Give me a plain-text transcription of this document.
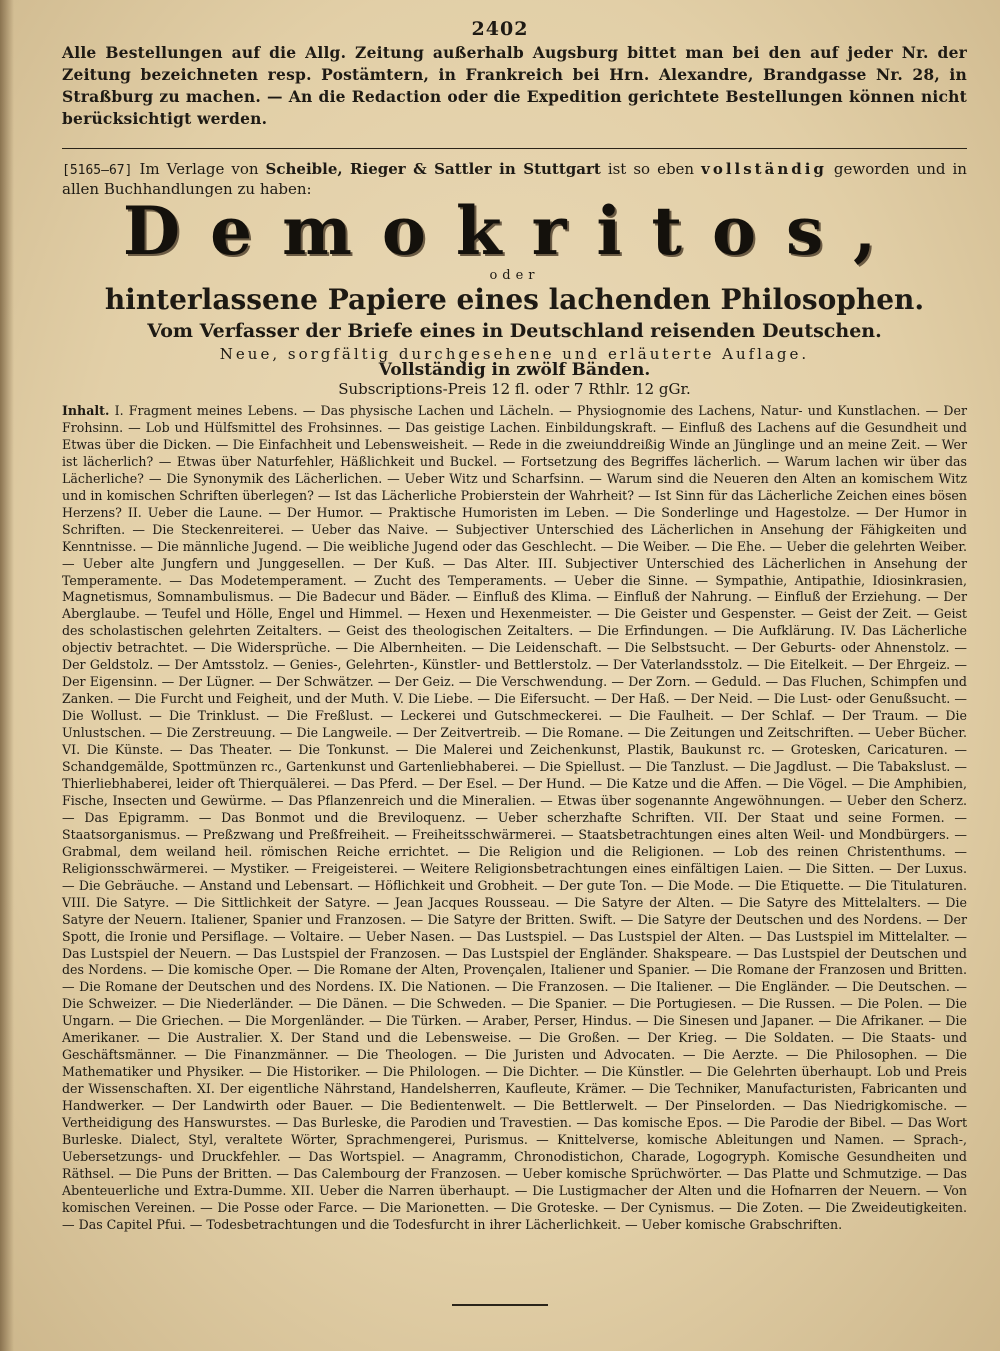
2402
Alle Bestellungen auf die Allg. Zeitung außerhalb Augsburg bittet man bei den auf jeder Nr. der Zeitung bezeichneten resp. Postämtern, in Frankreich bei Hrn. Alexandre, Brandgasse Nr. 28, in Straßburg zu machen. — An die Redaction oder die Expedition gerichtete Bestellungen können nicht berücksichtigt werden.
[5165–67] Im Verlage von Scheible, Rieger & Sattler in Stuttgart ist so eben vollständig geworden und in allen Buchhandlungen zu haben:
Demokritos,
oder
hinterlassene Papiere eines lachenden Philosophen.
Vom Verfasser der Briefe eines in Deutschland reisenden Deutschen.
Neue, sorgfältig durchgesehene und erläuterte Auflage.
Vollständig in zwölf Bänden.
Subscriptions-Preis 12 fl. oder 7 Rthlr. 12 gGr.
Inhalt. I. Fragment meines Lebens. — Das physische Lachen und Lächeln. — Physiognomie des Lachens, Natur- und Kunstlachen. — Der Frohsinn. — Lob und Hülfsmittel des Frohsinnes. — Das geistige Lachen. Einbildungskraft. — Einfluß des Lachens auf die Gesundheit und Etwas über die Dicken. — Die Einfachheit und Lebensweisheit. — Rede in die zweiunddreißig Winde an Jünglinge und an meine Zeit. — Wer ist lächerlich? — Etwas über Naturfehler, Häßlichkeit und Buckel. — Fortsetzung des Begriffes lächerlich. — Warum lachen wir über das Lächerliche? — Die Synonymik des Lächerlichen. — Ueber Witz und Scharfsinn. — Warum sind die Neueren den Alten an komischem Witz und in komischen Schriften überlegen? — Ist das Lächerliche Probierstein der Wahrheit? — Ist Sinn für das Lächerliche Zeichen eines bösen Herzens? II. Ueber die Laune. — Der Humor. — Praktische Humoristen im Leben. — Die Sonderlinge und Hagestolze. — Der Humor in Schriften. — Die Steckenreiterei. — Ueber das Naive. — Subjectiver Unterschied des Lächerlichen in Ansehung der Fähigkeiten und Kenntnisse. — Die männliche Jugend. — Die weibliche Jugend oder das Geschlecht. — Die Weiber. — Die Ehe. — Ueber die gelehrten Weiber. — Ueber alte Jungfern und Junggesellen. — Der Kuß. — Das Alter. III. Subjectiver Unterschied des Lächerlichen in Ansehung der Temperamente. — Das Modetemperament. — Zucht des Temperaments. — Ueber die Sinne. — Sympathie, Antipathie, Idiosinkrasien, Magnetismus, Somnambulismus. — Die Badecur und Bäder. — Einfluß des Klima. — Einfluß der Nahrung. — Einfluß der Erziehung. — Der Aberglaube. — Teufel und Hölle, Engel und Himmel. — Hexen und Hexenmeister. — Die Geister und Gespenster. — Geist der Zeit. — Geist des scholastischen gelehrten Zeitalters. — Geist des theologischen Zeitalters. — Die Erfindungen. — Die Aufklärung. IV. Das Lächerliche objectiv betrachtet. — Die Widersprüche. — Die Albernheiten. — Die Leidenschaft. — Die Selbstsucht. — Der Geburts- oder Ahnenstolz. — Der Geldstolz. — Der Amtsstolz. — Genies-, Gelehrten-, Künstler- und Bettlerstolz. — Der Vaterlandsstolz. — Die Eitelkeit. — Der Ehrgeiz. — Der Eigensinn. — Der Lügner. — Der Schwätzer. — Der Geiz. — Die Verschwendung. — Der Zorn. — Geduld. — Das Fluchen, Schimpfen und Zanken. — Die Furcht und Feigheit, und der Muth. V. Die Liebe. — Die Eifersucht. — Der Haß. — Der Neid. — Die Lust- oder Genußsucht. — Die Wollust. — Die Trinklust. — Die Freßlust. — Leckerei und Gutschmeckerei. — Die Faulheit. — Der Schlaf. — Der Traum. — Die Unlustschen. — Die Zerstreuung. — Die Langweile. — Der Zeitvertreib. — Die Romane. — Die Zeitungen und Zeitschriften. — Ueber Bücher. VI. Die Künste. — Das Theater. — Die Tonkunst. — Die Malerei und Zeichenkunst, Plastik, Baukunst rc. — Grotesken, Caricaturen. — Schandgemälde, Spottmünzen rc., Gartenkunst und Gartenliebhaberei. — Die Spiellust. — Die Tanzlust. — Die Jagdlust. — Die Tabakslust. — Thierliebhaberei, leider oft Thierquälerei. — Das Pferd. — Der Esel. — Der Hund. — Die Katze und die Affen. — Die Vögel. — Die Amphibien, Fische, Insecten und Gewürme. — Das Pflanzenreich und die Mineralien. — Etwas über sogenannte Angewöhnungen. — Ueber den Scherz. — Das Epigramm. — Das Bonmot und die Breviloquenz. — Ueber scherzhafte Schriften. VII. Der Staat und seine Formen. — Staatsorganismus. — Preßzwang und Preßfreiheit. — Freiheitsschwärmerei. — Staatsbetrachtungen eines alten Weil- und Mondbürgers. — Grabmal, dem weiland heil. römischen Reiche errichtet. — Die Religion und die Religionen. — Lob des reinen Christenthums. — Religionsschwärmerei. — Mystiker. — Freigeisterei. — Weitere Religionsbetrachtungen eines einfältigen Laien. — Die Sitten. — Der Luxus. — Die Gebräuche. — Anstand und Lebensart. — Höflichkeit und Grobheit. — Der gute Ton. — Die Mode. — Die Etiquette. — Die Titulaturen. VIII. Die Satyre. — Die Sittlichkeit der Satyre. — Jean Jacques Rousseau. — Die Satyre der Alten. — Die Satyre des Mittelalters. — Die Satyre der Neuern. Italiener, Spanier und Franzosen. — Die Satyre der Britten. Swift. — Die Satyre der Deutschen und des Nordens. — Der Spott, die Ironie und Persiflage. — Voltaire. — Ueber Nasen. — Das Lustspiel. — Das Lustspiel der Alten. — Das Lustspiel im Mittelalter. — Das Lustspiel der Neuern. — Das Lustspiel der Franzosen. — Das Lustspiel der Engländer. Shakspeare. — Das Lustspiel der Deutschen und des Nordens. — Die komische Oper. — Die Romane der Alten, Provençalen, Italiener und Spanier. — Die Romane der Franzosen und Britten. — Die Romane der Deutschen und des Nordens. IX. Die Nationen. — Die Franzosen. — Die Italiener. — Die Engländer. — Die Deutschen. — Die Schweizer. — Die Niederländer. — Die Dänen. — Die Schweden. — Die Spanier. — Die Portugiesen. — Die Russen. — Die Polen. — Die Ungarn. — Die Griechen. — Die Morgenländer. — Die Türken. — Araber, Perser, Hindus. — Die Sinesen und Japaner. — Die Afrikaner. — Die Amerikaner. — Die Australier. X. Der Stand und die Lebensweise. — Die Großen. — Der Krieg. — Die Soldaten. — Die Staats- und Geschäftsmänner. — Die Finanzmänner. — Die Theologen. — Die Juristen und Advocaten. — Die Aerzte. — Die Philosophen. — Die Mathematiker und Physiker. — Die Historiker. — Die Philologen. — Die Dichter. — Die Künstler. — Die Gelehrten überhaupt. Lob und Preis der Wissenschaften. XI. Der eigentliche Nährstand, Handelsherren, Kaufleute, Krämer. — Die Techniker, Manufacturisten, Fabricanten und Handwerker. — Der Landwirth oder Bauer. — Die Bedientenwelt. — Die Bettlerwelt. — Der Pinselorden. — Das Niedrigkomische. — Vertheidigung des Hanswurstes. — Das Burleske, die Parodien und Travestien. — Das komische Epos. — Die Parodie der Bibel. — Das Wort Burleske. Dialect, Styl, veraltete Wörter, Sprachmengerei, Purismus. — Knittelverse, komische Ableitungen und Namen. — Sprach-, Uebersetzungs- und Druckfehler. — Das Wortspiel. — Anagramm, Chronodistichon, Charade, Logogryph. Komische Gesundheiten und Räthsel. — Die Puns der Britten. — Das Calembourg der Franzosen. — Ueber komische Sprüchwörter. — Das Platte und Schmutzige. — Das Abenteuerliche und Extra-Dumme. XII. Ueber die Narren überhaupt. — Die Lustigmacher der Alten und die Hofnarren der Neuern. — Von komischen Vereinen. — Die Posse oder Farce. — Die Marionetten. — Die Groteske. — Der Cynismus. — Die Zoten. — Die Zweideutigkeiten. — Das Capitel Pfui. — Todesbetrachtungen und die Todesfurcht in ihrer Lächerlichkeit. — Ueber komische Grabschriften.
